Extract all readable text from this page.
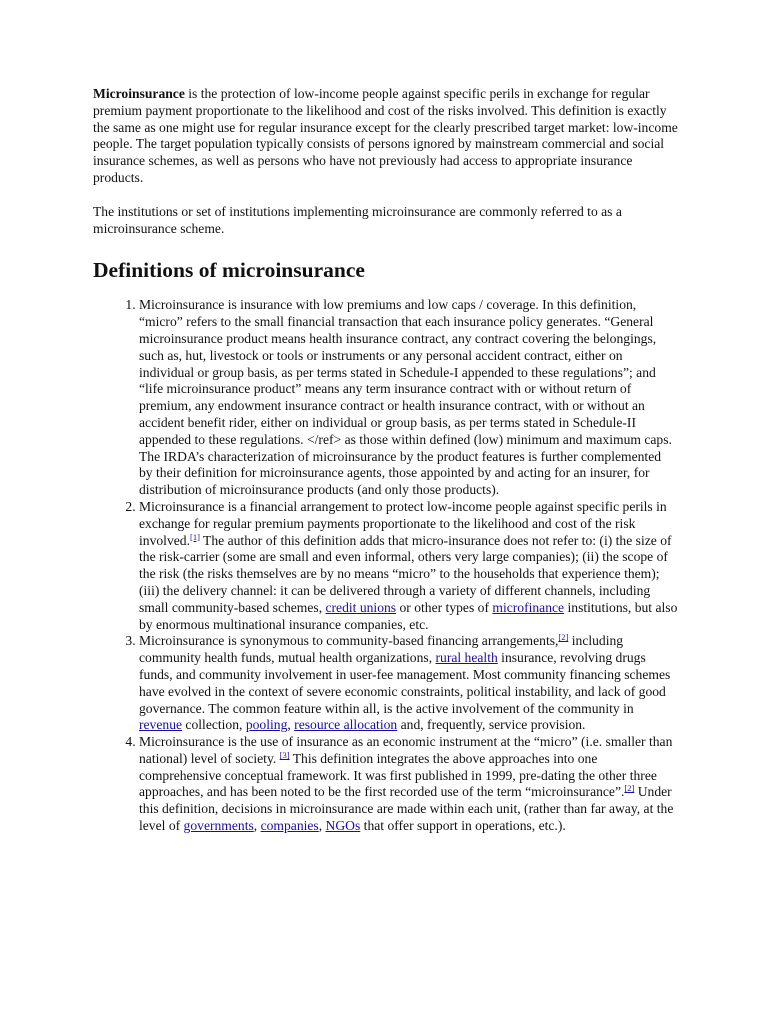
Microinsurance is the protection of low-income people against specific perils in exchange for regular premium payment proportionate to the likelihood and cost of the risks involved. This definition is exactly the same as one might use for regular insurance except for the clearly prescribed target market: low-income people. The target population typically consists of persons ignored by mainstream commercial and social insurance schemes, as well as persons who have not previously had access to appropriate insurance products.

The institutions or set of institutions implementing microinsurance are commonly referred to as a microinsurance scheme.

Definitions of microinsurance
1. Microinsurance is insurance with low premiums and low caps / coverage. In this definition, “micro” refers to the small financial transaction that each insurance policy generates. “General microinsurance product means health insurance contract, any contract covering the belongings, such as, hut, livestock or tools or instruments or any personal accident contract, either on individual or group basis, as per terms stated in Schedule-I appended to these regulations”; and “life microinsurance product” means any term insurance contract with or without return of premium, any endowment insurance contract or health insurance contract, with or without an accident benefit rider, either on individual or group basis, as per terms stated in Schedule-II appended to these regulations. </ref> as those within defined (low) minimum and maximum caps. The IRDA’s characterization of microinsurance by the product features is further complemented by their definition for microinsurance agents, those appointed by and acting for an insurer, for distribution of microinsurance products (and only those products).
2. Microinsurance is a financial arrangement to protect low-income people against specific perils in exchange for regular premium payments proportionate to the likelihood and cost of the risk involved.[1] The author of this definition adds that micro-insurance does not refer to: (i) the size of the risk-carrier (some are small and even informal, others very large companies); (ii) the scope of the risk (the risks themselves are by no means “micro” to the households that experience them); (iii) the delivery channel: it can be delivered through a variety of different channels, including small community-based schemes, credit unions or other types of microfinance institutions, but also by enormous multinational insurance companies, etc.
3. Microinsurance is synonymous to community-based financing arrangements,[2] including community health funds, mutual health organizations, rural health insurance, revolving drugs funds, and community involvement in user-fee management. Most community financing schemes have evolved in the context of severe economic constraints, political instability, and lack of good governance. The common feature within all, is the active involvement of the community in revenue collection, pooling, resource allocation and, frequently, service provision.
4. Microinsurance is the use of insurance as an economic instrument at the “micro” (i.e. smaller than national) level of society. [3] This definition integrates the above approaches into one comprehensive conceptual framework. It was first published in 1999, pre-dating the other three approaches, and has been noted to be the first recorded use of the term “microinsurance”.[2] Under this definition, decisions in microinsurance are made within each unit, (rather than far away, at the level of governments, companies, NGOs that offer support in operations, etc.).
